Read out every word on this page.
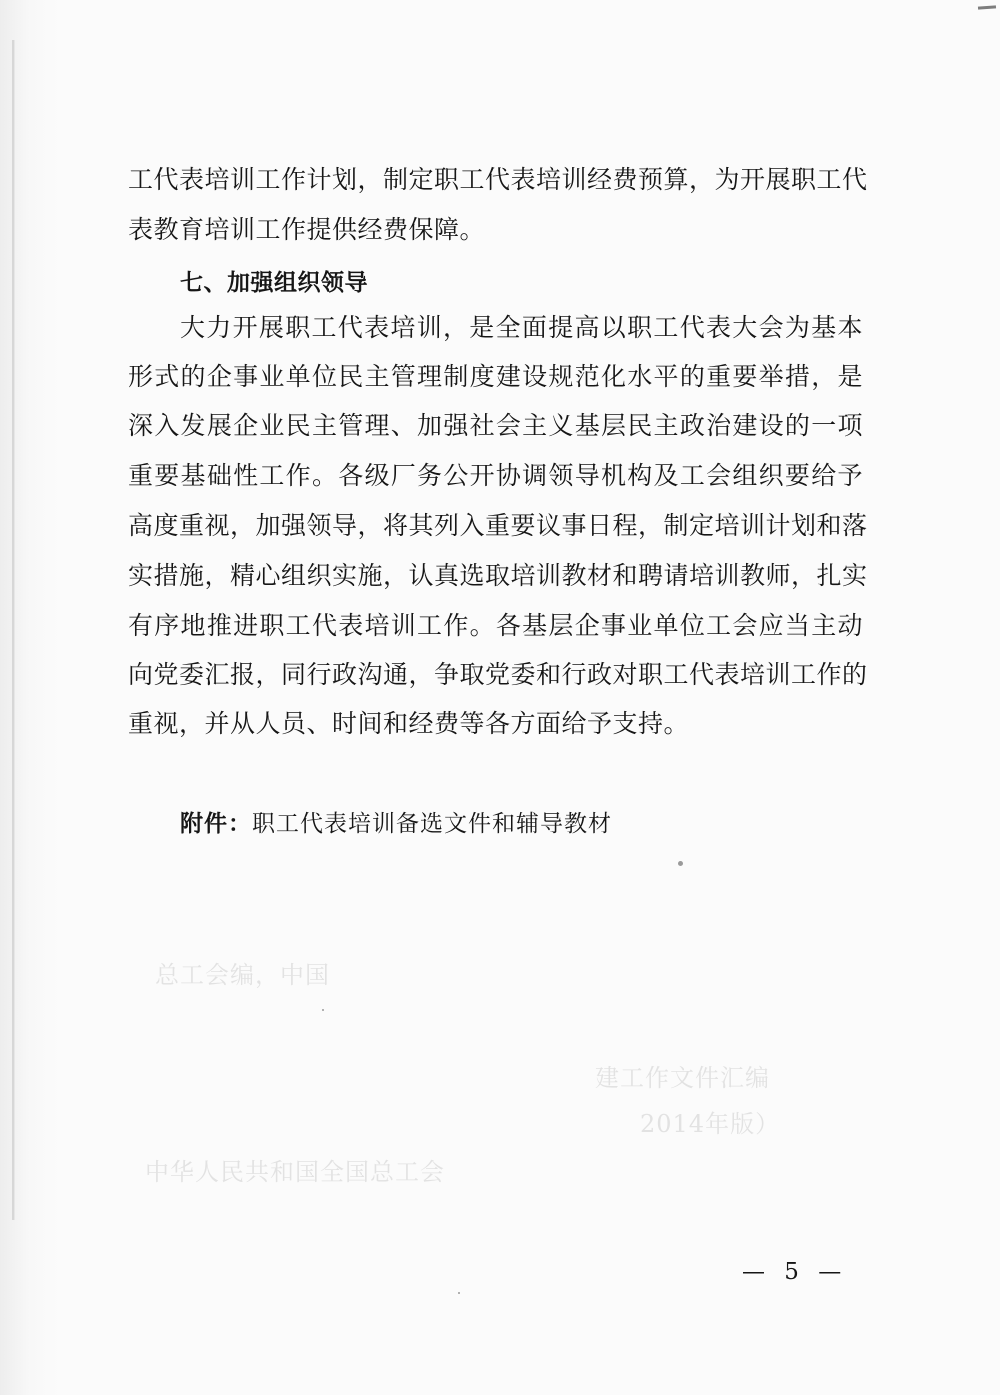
总工会编，中国
建工作文件汇编
2014年版）
中华人民共和国全国总工会
工代表培训工作计划，制定职工代表培训经费预算，为开展职工代
表教育培训工作提供经费保障。
七、加强组织领导
大力开展职工代表培训，是全面提高以职工代表大会为基本
形式的企事业单位民主管理制度建设规范化水平的重要举措，是
深入发展企业民主管理、加强社会主义基层民主政治建设的一项
重要基础性工作。各级厂务公开协调领导机构及工会组织要给予
高度重视，加强领导，将其列入重要议事日程，制定培训计划和落
实措施，精心组织实施，认真选取培训教材和聘请培训教师，扎实
有序地推进职工代表培训工作。各基层企事业单位工会应当主动
向党委汇报，同行政沟通，争取党委和行政对职工代表培训工作的
重视，并从人员、时间和经费等各方面给予支持。
附件：职工代表培训备选文件和辅导教材
— 5 —
